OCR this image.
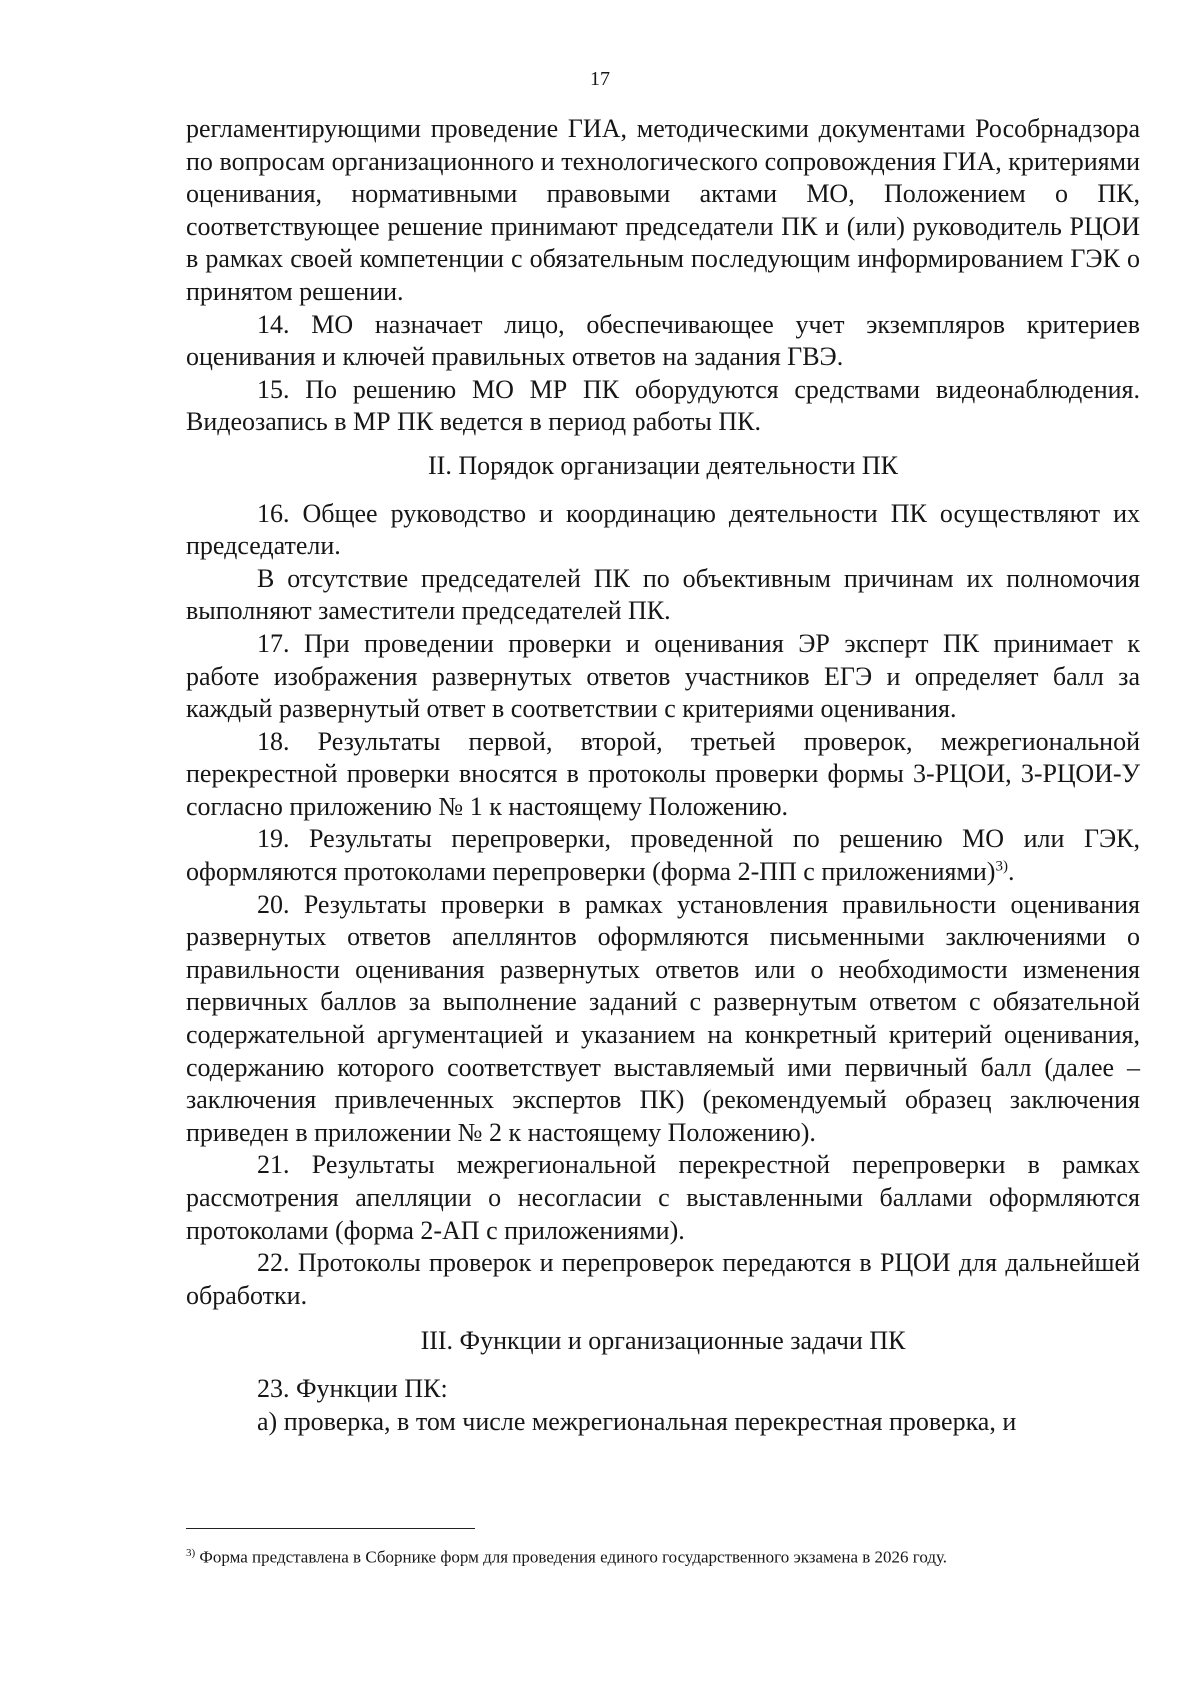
17

регламентирующими проведение ГИА, методическими документами Рособрнадзора по вопросам организационного и технологического сопровождения ГИА, критериями оценивания, нормативными правовыми актами МО, Положением о ПК, соответствующее решение принимают председатели ПК и (или) руководитель РЦОИ в рамках своей компетенции с обязательным последующим информированием ГЭК о принятом решении.

14. МО назначает лицо, обеспечивающее учет экземпляров критериев оценивания и ключей правильных ответов на задания ГВЭ.

15. По решению МО МР ПК оборудуются средствами видеонаблюдения. Видеозапись в МР ПК ведется в период работы ПК.

II. Порядок организации деятельности ПК

16. Общее руководство и координацию деятельности ПК осуществляют их председатели.

В отсутствие председателей ПК по объективным причинам их полномочия выполняют заместители председателей ПК.

17. При проведении проверки и оценивания ЭР эксперт ПК принимает к работе изображения развернутых ответов участников ЕГЭ и определяет балл за каждый развернутый ответ в соответствии с критериями оценивания.

18. Результаты первой, второй, третьей проверок, межрегиональной перекрестной проверки вносятся в протоколы проверки формы 3-РЦОИ, 3-РЦОИ-У согласно приложению № 1 к настоящему Положению.

19. Результаты перепроверки, проведенной по решению МО или ГЭК, оформляются протоколами перепроверки (форма 2-ПП с приложениями)$^{3)}$.

20. Результаты проверки в рамках установления правильности оценивания развернутых ответов апеллянтов оформляются письменными заключениями о правильности оценивания развернутых ответов или о необходимости изменения первичных баллов за выполнение заданий с развернутым ответом с обязательной содержательной аргументацией и указанием на конкретный критерий оценивания, содержанию которого соответствует выставляемый ими первичный балл (далее – заключения привлеченных экспертов ПК) (рекомендуемый образец заключения приведен в приложении № 2 к настоящему Положению).

21. Результаты межрегиональной перекрестной перепроверки в рамках рассмотрения апелляции о несогласии с выставленными баллами оформляются протоколами (форма 2-АП с приложениями).

22. Протоколы проверок и перепроверок передаются в РЦОИ для дальнейшей обработки.

III. Функции и организационные задачи ПК

23. Функции ПК:

а) проверка, в том числе межрегиональная перекрестная проверка, и

$^{3)}$ Форма представлена в Сборнике форм для проведения единого государственного экзамена в 2026 году.
